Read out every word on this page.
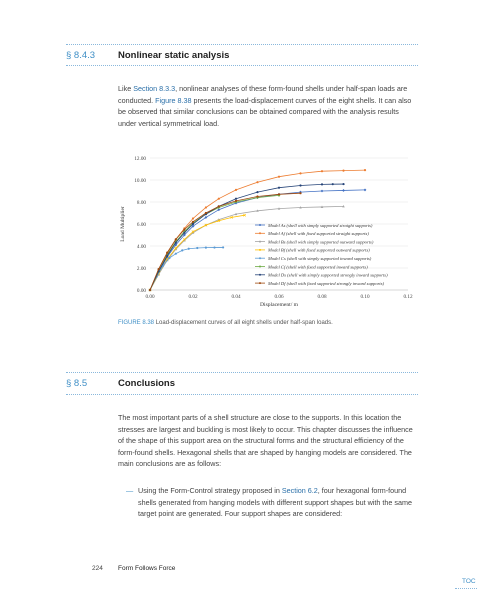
§ 8.4.3 Nonlinear static analysis
Like Section 8.3.3, nonlinear analyses of these form-found shells under half-span loads are conducted. Figure 8.38 presents the load-displacement curves of the eight shells. It can also be observed that similar conclusions can be obtained compared with the analysis results under vertical symmetrical load.
0.00
2.00
4.00
6.00
8.00
10.00
12.00
0.00	0.02	0.04	0.06	0.08	0.10	0.12
Displacement/ m
Load Multiplier	Model As (shell with simply supported straight supports)
Model Af (shell with fixed supported straight supports)
Model Bs (shell with simply supported outward supports)
Model Bf (shell with fixed supported outward supports)
Model Cs (shell with simply supported inward supports)
Model Cf (shell with fixed supported inward supports)
Model Ds (shell with simply supported strongly inward supports)
Model Df (shell with fixed supported strongly inward supports)
FIGURE 8.38 Load-displacement curves of all eight shells under half-span loads.
§ 8.5	Conclusions
The most important parts of a shell structure are close to the supports. In this location the stresses are largest and buckling is most likely to occur. This chapter discusses the influence of the shape of this support area on the structural forms and the structural efficiency of the form-found shells. Hexagonal shells that are shaped by hanging models are considered. The main conclusions are as follows:
— Using the Form-Control strategy proposed in Section 6.2, four hexagonal form-found shells generated from hanging models with different support shapes but with the same target point are generated. Four support shapes are considered:
224 Form Follows Force
TOC
